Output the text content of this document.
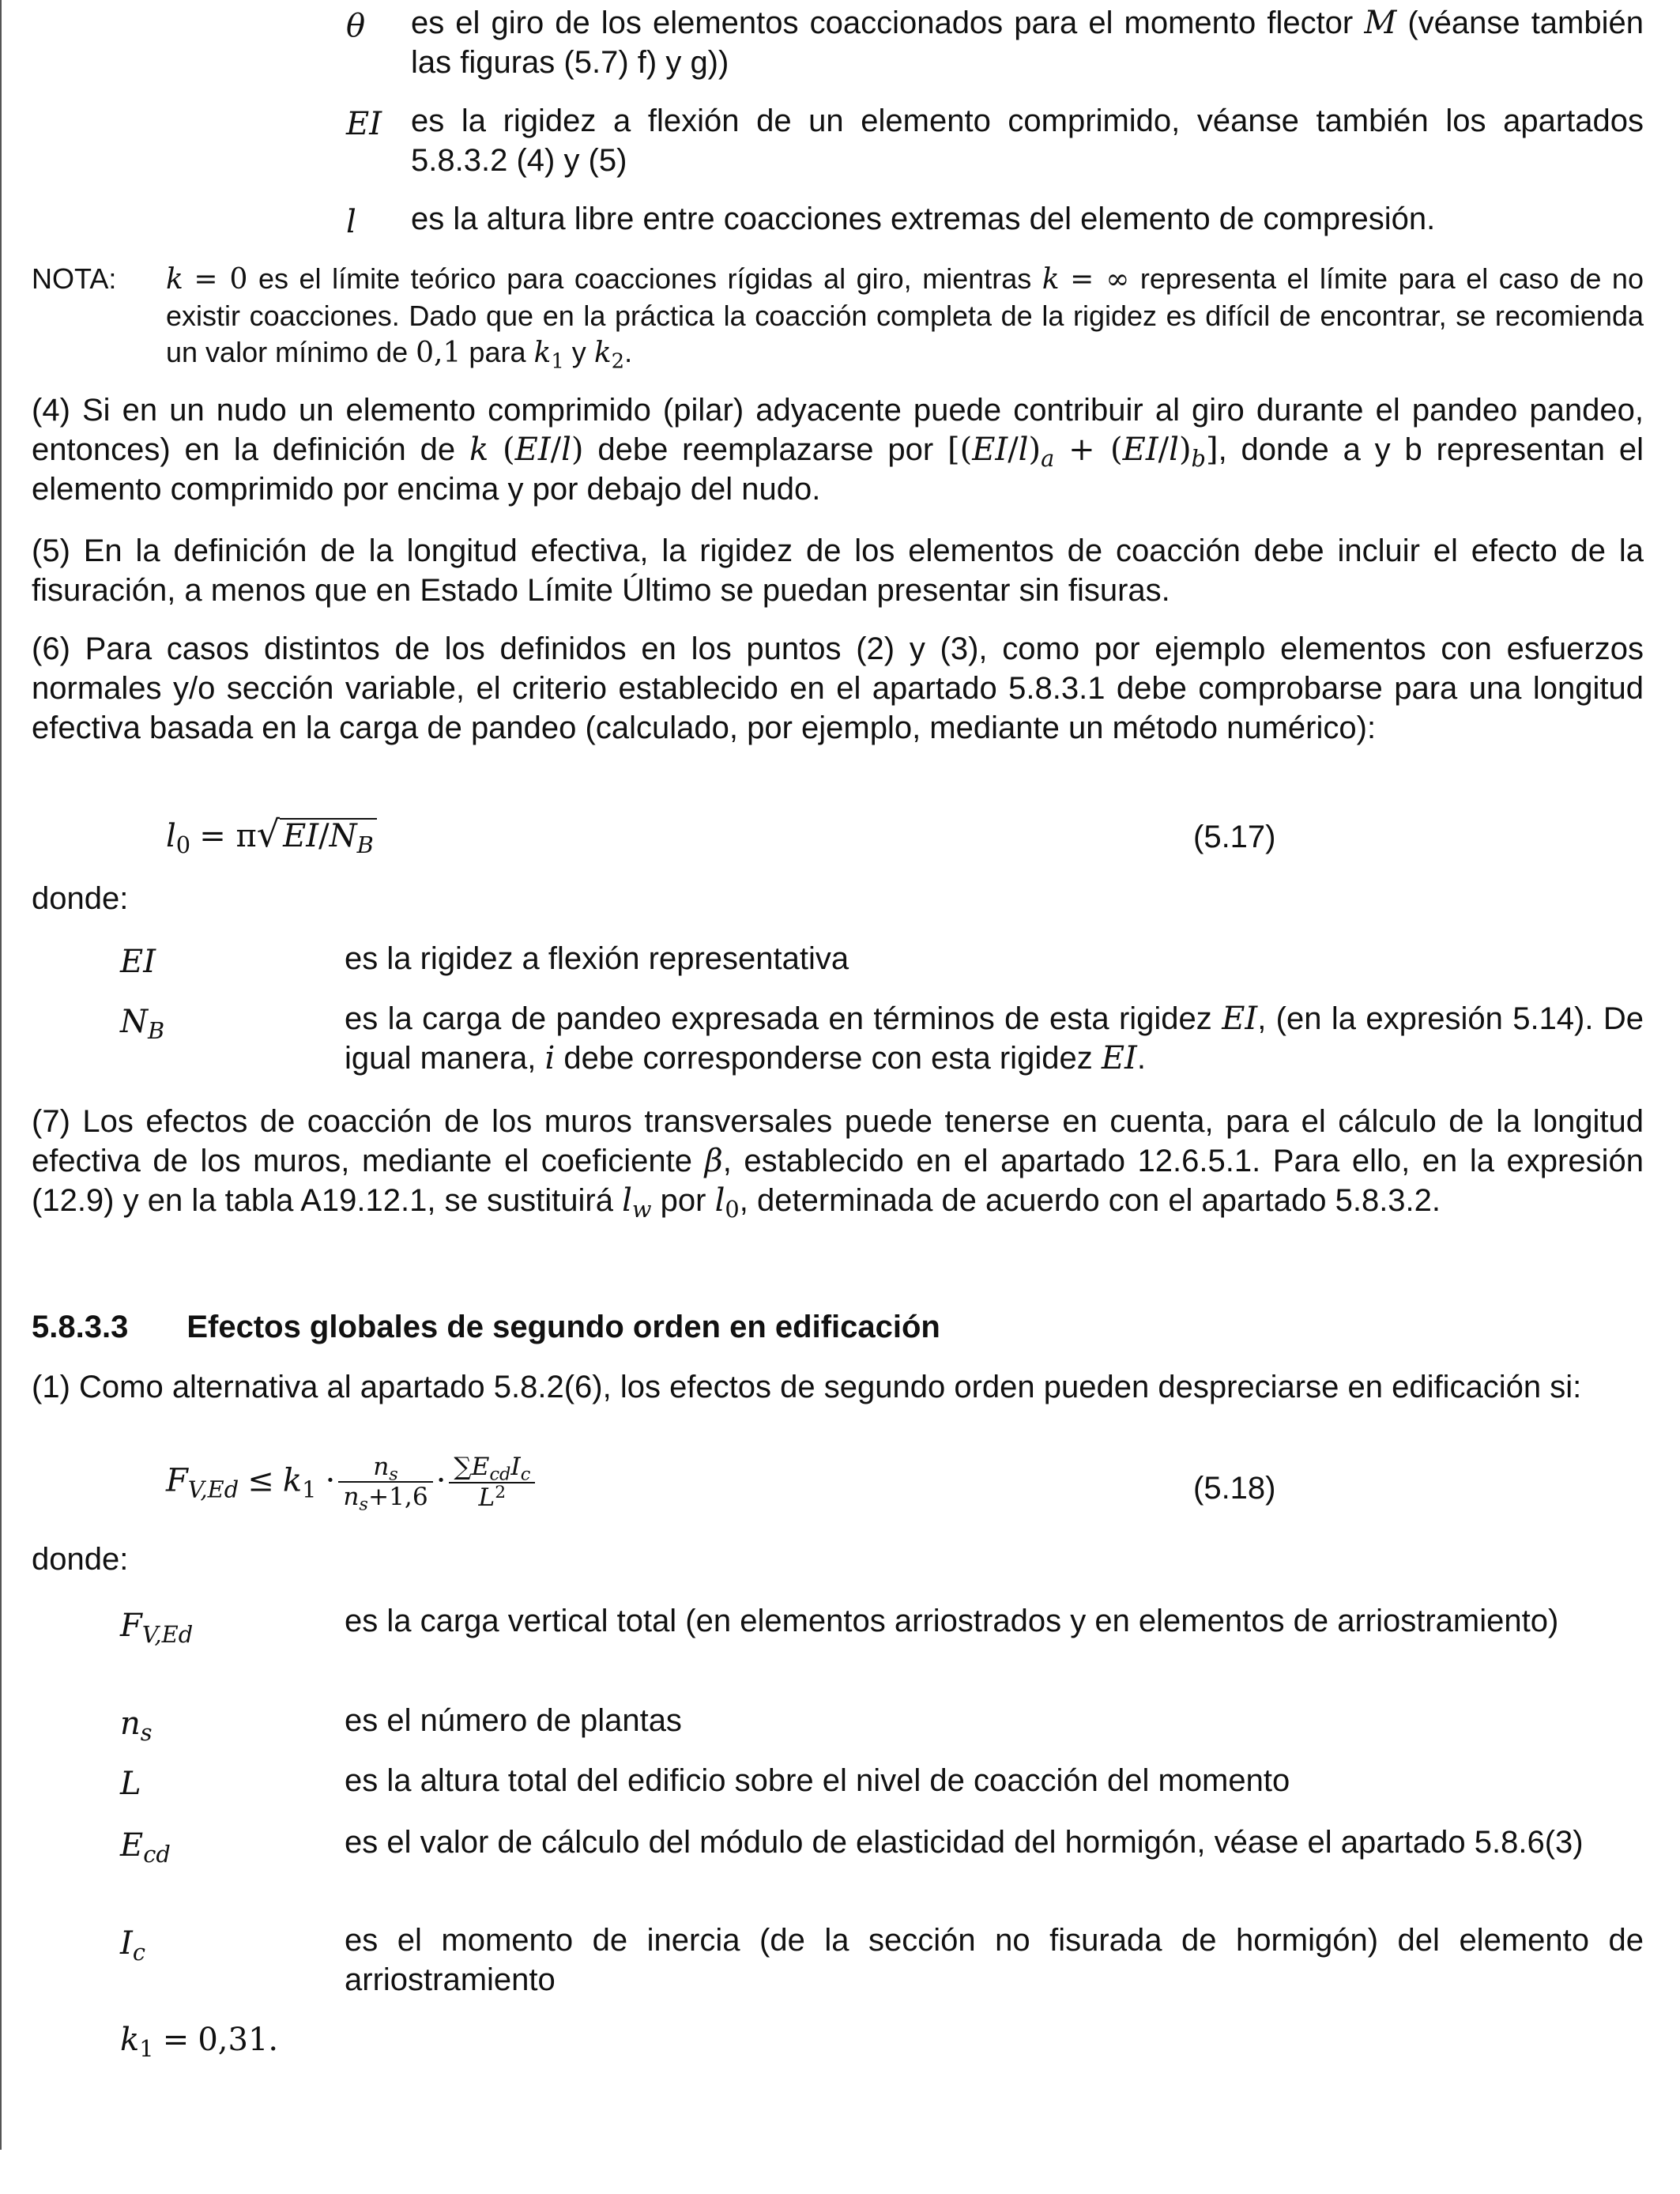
θ	es el giro de los elementos coaccionados para el momento flector M (véanse también las figuras (5.7) f) y g))
EI es la rigidez a flexión de un elemento comprimido, véanse también los apartados 5.8.3.2 (4) y (5)
l	es la altura libre entre coacciones extremas del elemento de compresión.
NOTA: k = 0 es el límite teórico para coacciones rígidas al giro, mientras k = ∞ representa el límite para el caso de no existir coacciones. Dado que en la práctica la coacción completa de la rigidez es difícil de encontrar, se recomienda un valor mínimo de 0,1 para $k_1$ y $k_2$.
(4) Si en un nudo un elemento comprimido (pilar) adyacente puede contribuir al giro durante el pandeo pandeo, entonces) en la definición de k (EI/l) debe reemplazarse por $[(EI/l)_a + (EI/l)_b]$, donde a y b representan el elemento comprimido por encima y por debajo del nudo.
(5) En la definición de la longitud efectiva, la rigidez de los elementos de coacción debe incluir el efecto de la fisuración, a menos que en Estado Límite Último se puedan presentar sin fisuras.
(6) Para casos distintos de los definidos en los puntos (2) y (3), como por ejemplo elementos con esfuerzos normales y/o sección variable, el criterio establecido en el apartado 5.8.3.1 debe comprobarse para una longitud efectiva basada en la carga de pandeo (calculado, por ejemplo, mediante un método numérico):
$l_0 = \pi√$ $EI/N_B$	(5.17)
donde:
EI	es la rigidez a flexión representativa
$N_B$	es la carga de pandeo expresada en términos de esta rigidez EI, (en la expresión 5.14). De igual manera, i debe corresponderse con esta rigidez EI.
(7) Los efectos de coacción de los muros transversales puede tenerse en cuenta, para el cálculo de la longitud efectiva de los muros, mediante el coeficiente β, establecido en el apartado 12.6.5.1. Para ello, en la expresión (12.9) y en la tabla A19.12.1, se sustituirá $l_w$ por $l_0$, determinada de acuerdo con el apartado 5.8.3.2.
5.8.3.3 Efectos globales de segundo orden en edificación
(1) Como alternativa al apartado 5.8.2(6), los efectos de segundo orden pueden despreciarse en edificación si:
$F_{V,Ed} \le k_1 \cdot \frac{n_s}{n_s+1,6} \cdot \frac{\sum E_{cd}I_c}{L^2}$	(5.18)
donde:
$F_{V,Ed}$	es la carga vertical total (en elementos arriostrados y en elementos de arriostramiento)
$n_s$	es el número de plantas
L	es la altura total del edificio sobre el nivel de coacción del momento
$E_{cd}$	es el valor de cálculo del módulo de elasticidad del hormigón, véase el apartado 5.8.6(3)
$I_c$	es el momento de inercia (de la sección no fisurada de hormigón) del elemento de arriostramiento
$k_1 = 0,31$.
